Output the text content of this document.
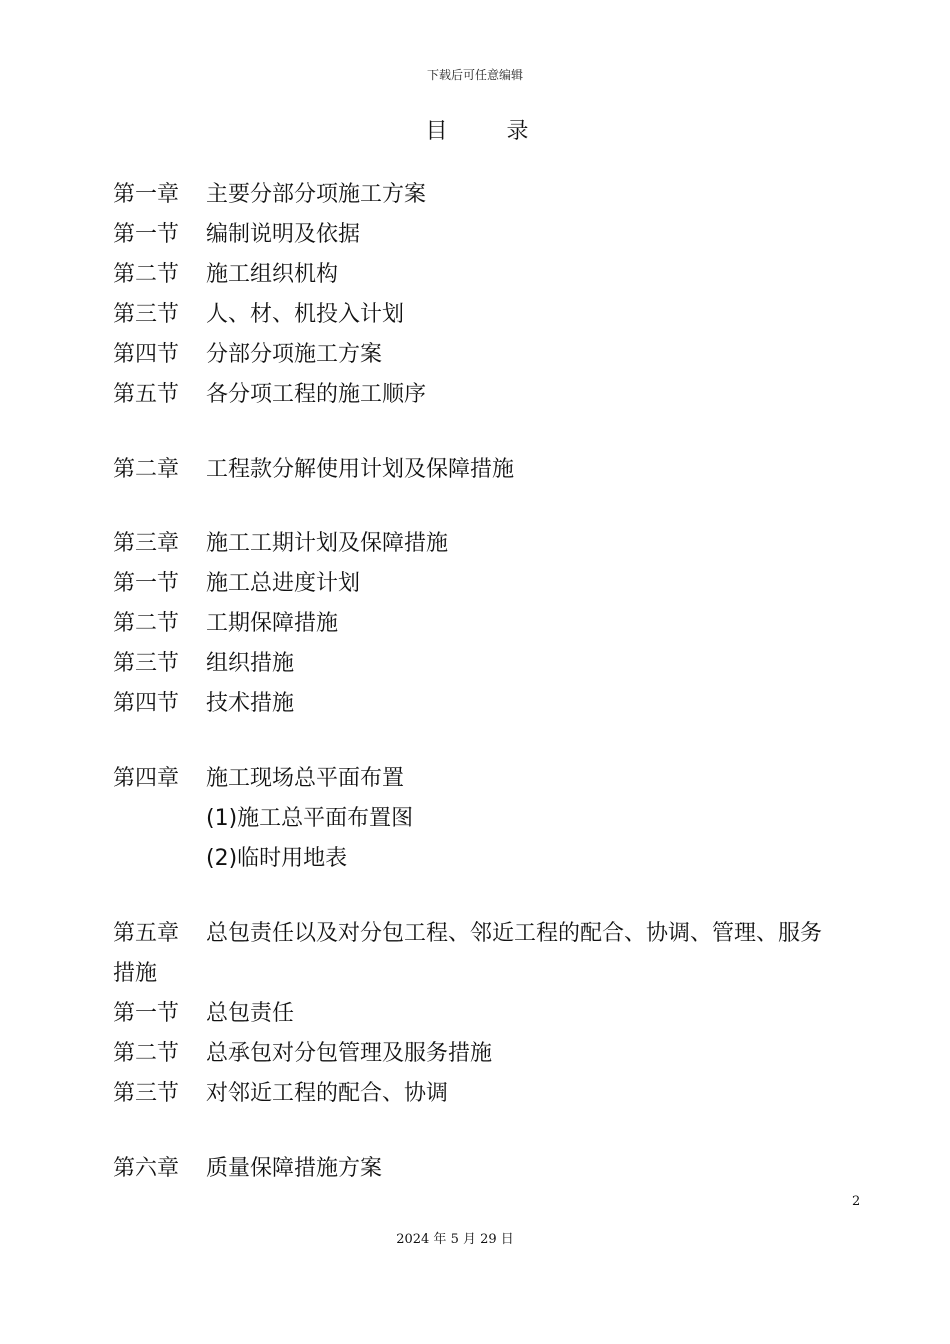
下载后可任意编辑
目 录
第一章 主要分部分项施工方案
第一节 编制说明及依据
第二节 施工组织机构
第三节 人、材、机投入计划
第四节 分部分项施工方案
第五节 各分项工程的施工顺序
第二章 工程款分解使用计划及保障措施
第三章 施工工期计划及保障措施
第一节 施工总进度计划
第二节 工期保障措施
第三节 组织措施
第四节 技术措施
第四章 施工现场总平面布置
(1)施工总平面布置图
(2)临时用地表
第五章 总包责任以及对分包工程、邻近工程的配合、协调、管理、服务
措施
第一节 总包责任
第二节 总承包对分包管理及服务措施
第三节 对邻近工程的配合、协调
第六章 质量保障措施方案
2
2024 年 5 月 29 日
